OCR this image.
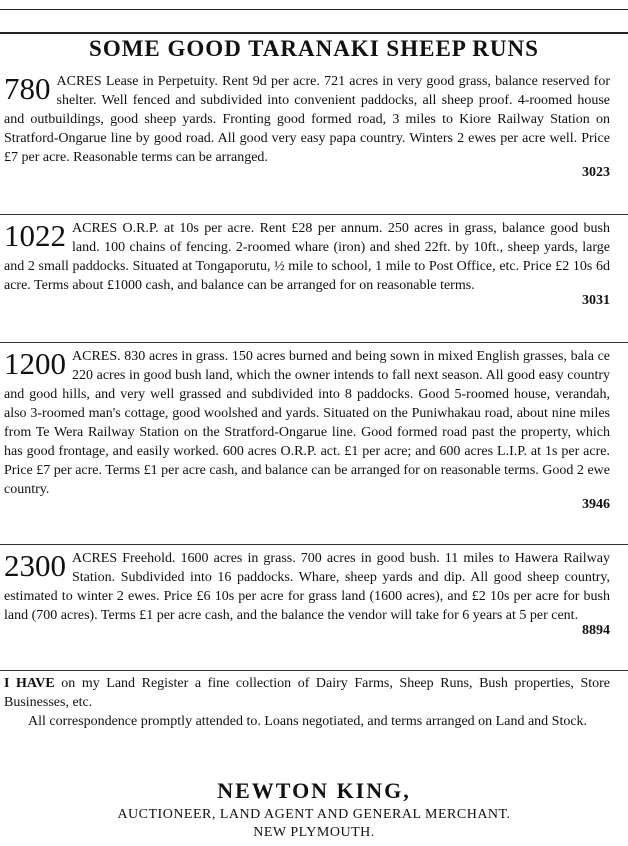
SOME GOOD TARANAKI SHEEP RUNS
780 ACRES Lease in Perpetuity. Rent 9d per acre. 721 acres in very good grass, balance reserved for shelter. Well fenced and subdivided into convenient paddocks, all sheep proof. 4-roomed house and outbuildings, good sheep yards. Fronting good formed road, 3 miles to Kiore Railway Station on Stratford-Ongarue line by good road. All good very easy papa country. Winters 2 ewes per acre well. Price £7 per acre. Reasonable terms can be arranged.
3023
1022 ACRES O.R.P. at 10s per acre. Rent £28 per annum. 250 acres in grass, balance good bush land. 100 chains of fencing. 2-roomed whare (iron) and shed 22ft. by 10ft., sheep yards, large and 2 small paddocks. Situated at Tongaporutu, ½ mile to school, 1 mile to Post Office, etc. Price £2 10s 6d acre. Terms about £1000 cash, and balance can be arranged for on reasonable terms.
3031
1200 ACRES. 830 acres in grass. 150 acres burned and being sown in mixed English grasses, bala ce 220 acres in good bush land, which the owner intends to fall next season. All good easy country and good hills, and very well grassed and subdivided into 8 paddocks. Good 5-roomed house, verandah, also 3-roomed man's cottage, good woolshed and yards. Situated on the Puniwhakau road, about nine miles from Te Wera Railway Station on the Stratford-Ongarue line. Good formed road past the property, which has good frontage, and easily worked. 600 acres O.R.P. act. £1 per acre; and 600 acres L.I.P. at 1s per acre. Price £7 per acre. Terms £1 per acre cash, and balance can be arranged for on reasonable terms. Good 2 ewe country.
3946
2300 ACRES Freehold. 1600 acres in grass. 700 acres in good bush. 11 miles to Hawera Railway Station. Subdivided into 16 paddocks. Whare, sheep yards and dip. All good sheep country, estimated to winter 2 ewes. Price £6 10s per acre for grass land (1600 acres), and £2 10s per acre for bush land (700 acres). Terms £1 per acre cash, and the balance the vendor will take for 6 years at 5 per cent.
8894

I HAVE on my Land Register a fine collection of Dairy Farms, Sheep Runs, Bush properties, Store Businesses, etc.

All correspondence promptly attended to. Loans negotiated, and terms arranged on Land and Stock.

NEWTON KING,
AUCTIONEER, LAND AGENT AND GENERAL MERCHANT.
NEW PLYMOUTH.
